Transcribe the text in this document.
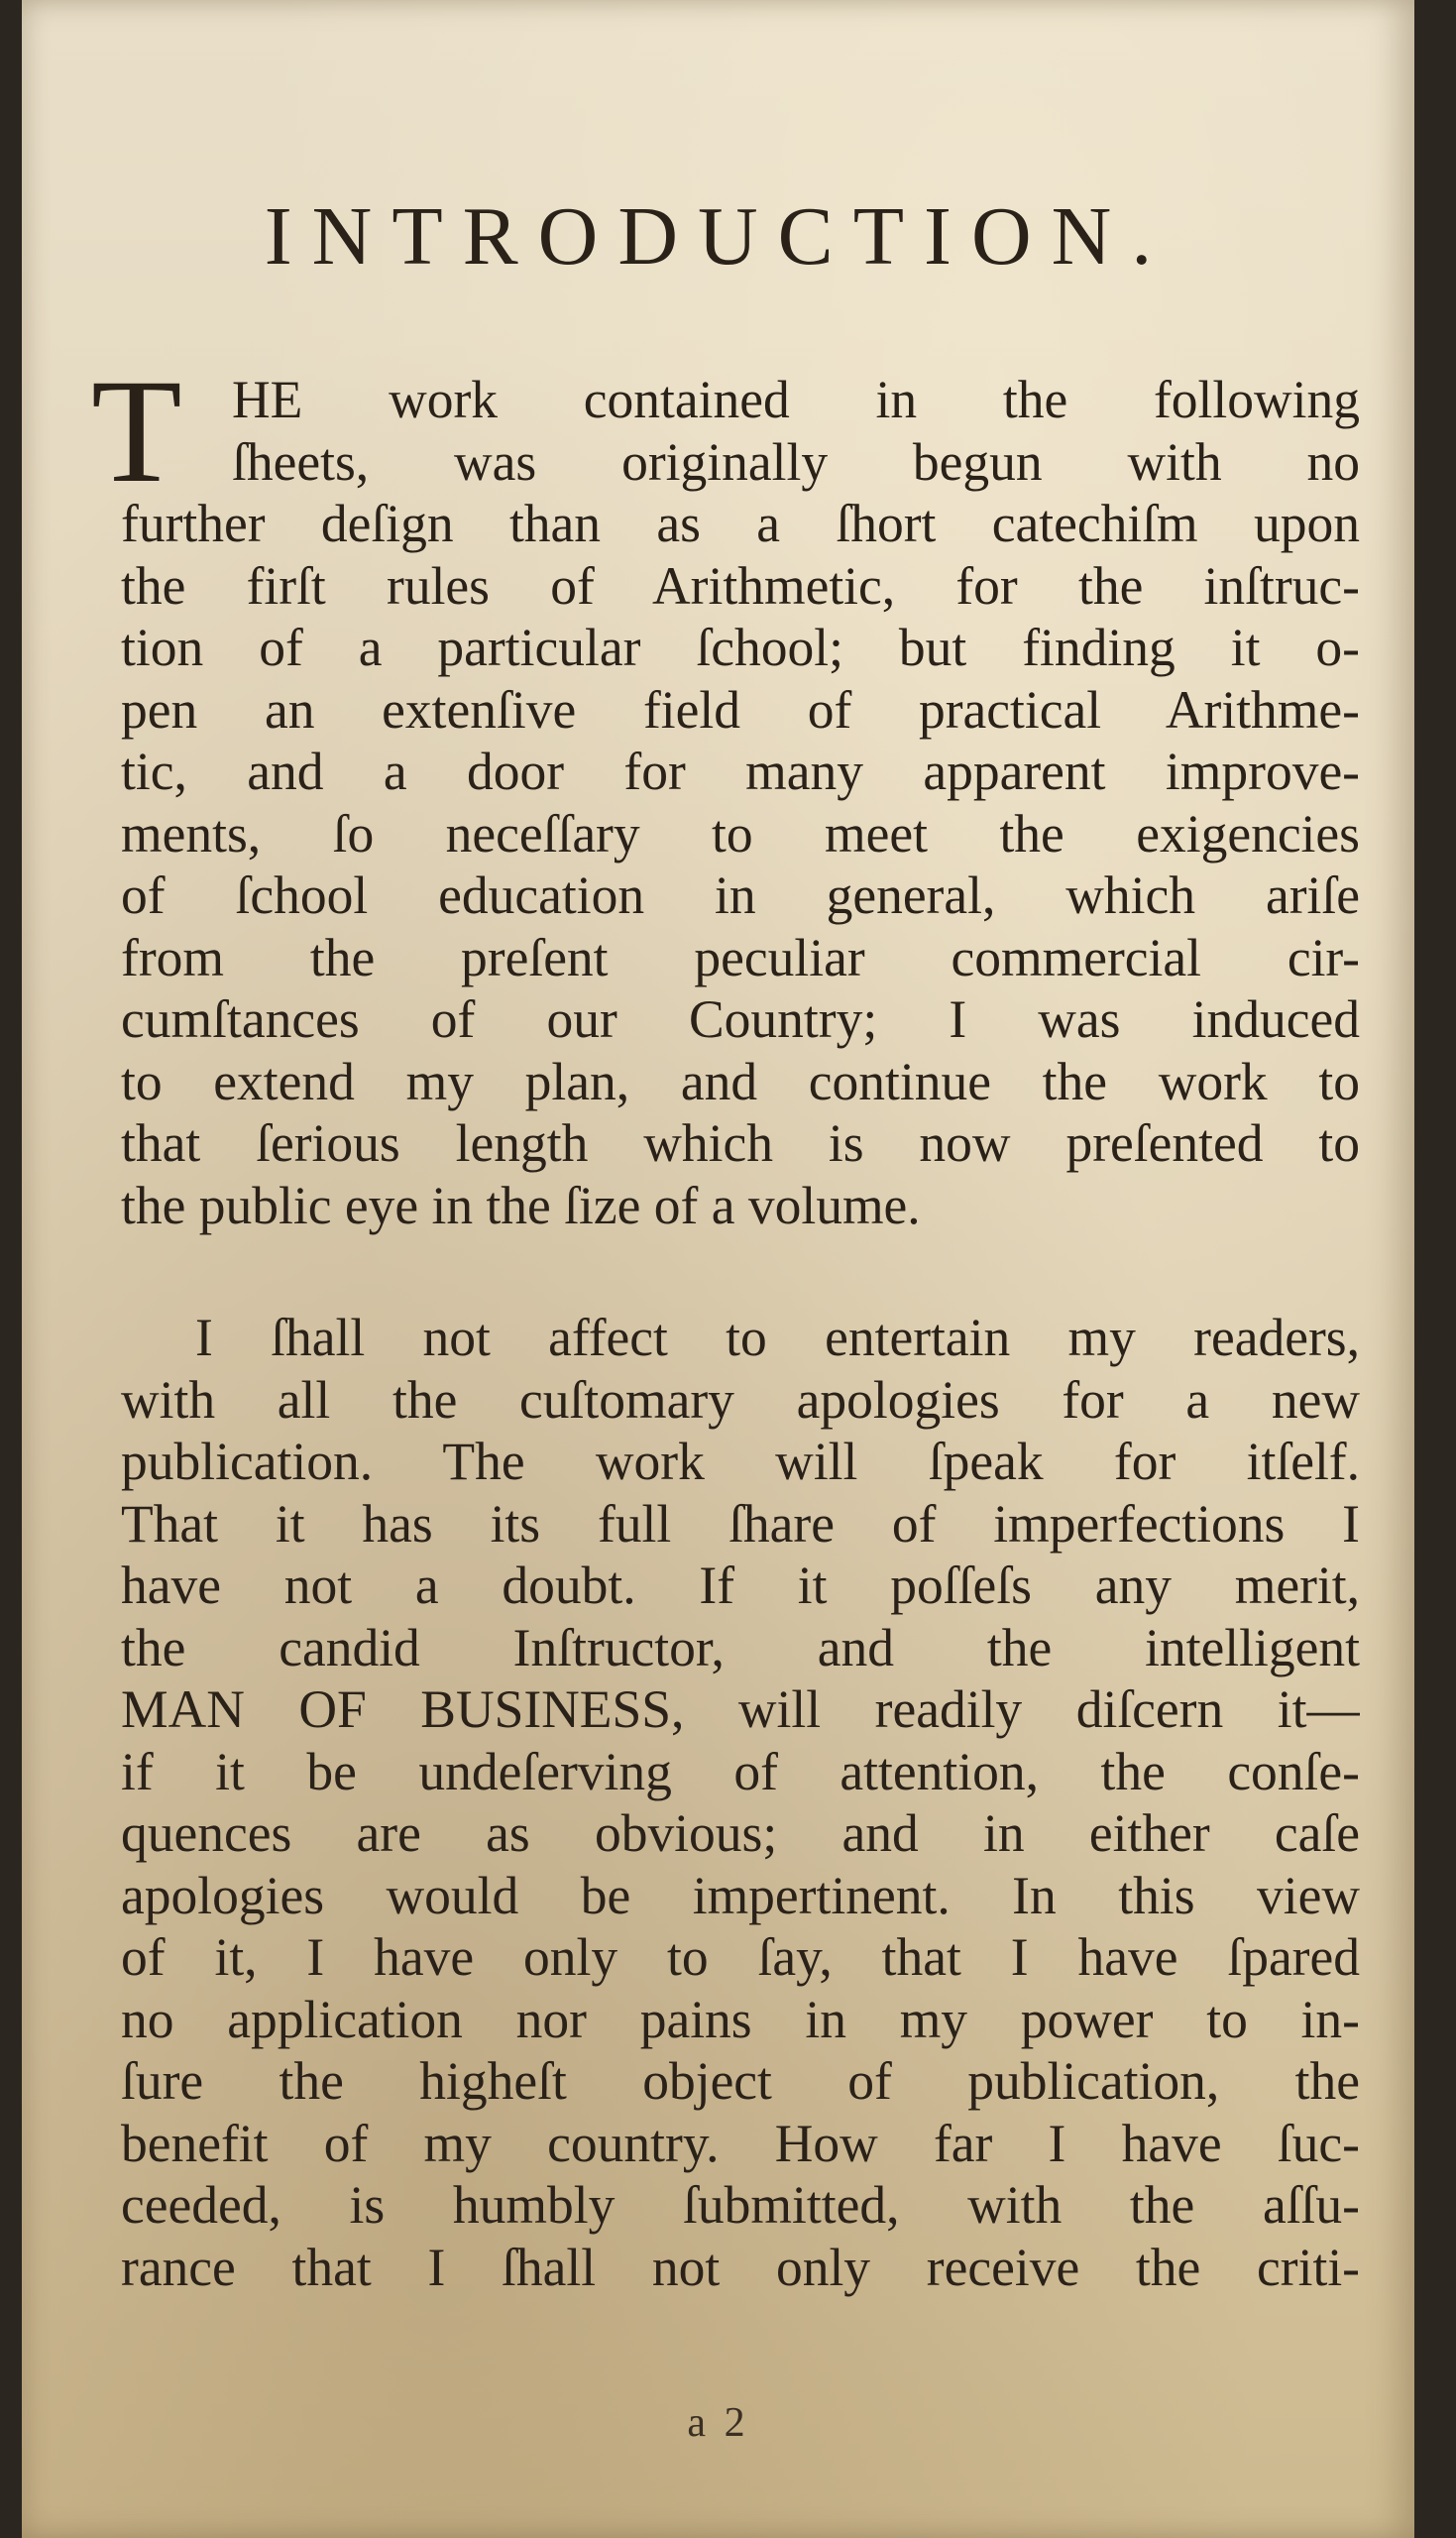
INTRODUCTION.
T HE work contained in the following
ſheets, was originally begun with no
further deſign than as a ſhort catechiſm upon
the firſt rules of Arithmetic, for the inſtruc-
tion of a particular ſchool; but finding it o-
pen an extenſive field of practical Arithme-
tic, and a door for many apparent improve-
ments, ſo neceſſary to meet the exigencies
of ſchool education in general, which ariſe
from the preſent peculiar commercial cir-
cumſtances of our Country; I was induced
to extend my plan, and continue the work to
that ſerious length which is now preſented to
the public eye in the ſize of a volume.
I ſhall not affect to entertain my readers,
with all the cuſtomary apologies for a new
publication. The work will ſpeak for itſelf.
That it has its full ſhare of imperfections I
have not a doubt. If it poſſeſs any merit,
the candid Inſtructor, and the intelligent
MAN OF BUSINESS, will readily diſcern it—
if it be undeſerving of attention, the conſe-
quences are as obvious; and in either caſe
apologies would be impertinent. In this view
of it, I have only to ſay, that I have ſpared
no application nor pains in my power to in-
ſure the higheſt object of publication, the
benefit of my country. How far I have ſuc-
ceeded, is humbly ſubmitted, with the aſſu-
rance that I ſhall not only receive the criti-
a 2
